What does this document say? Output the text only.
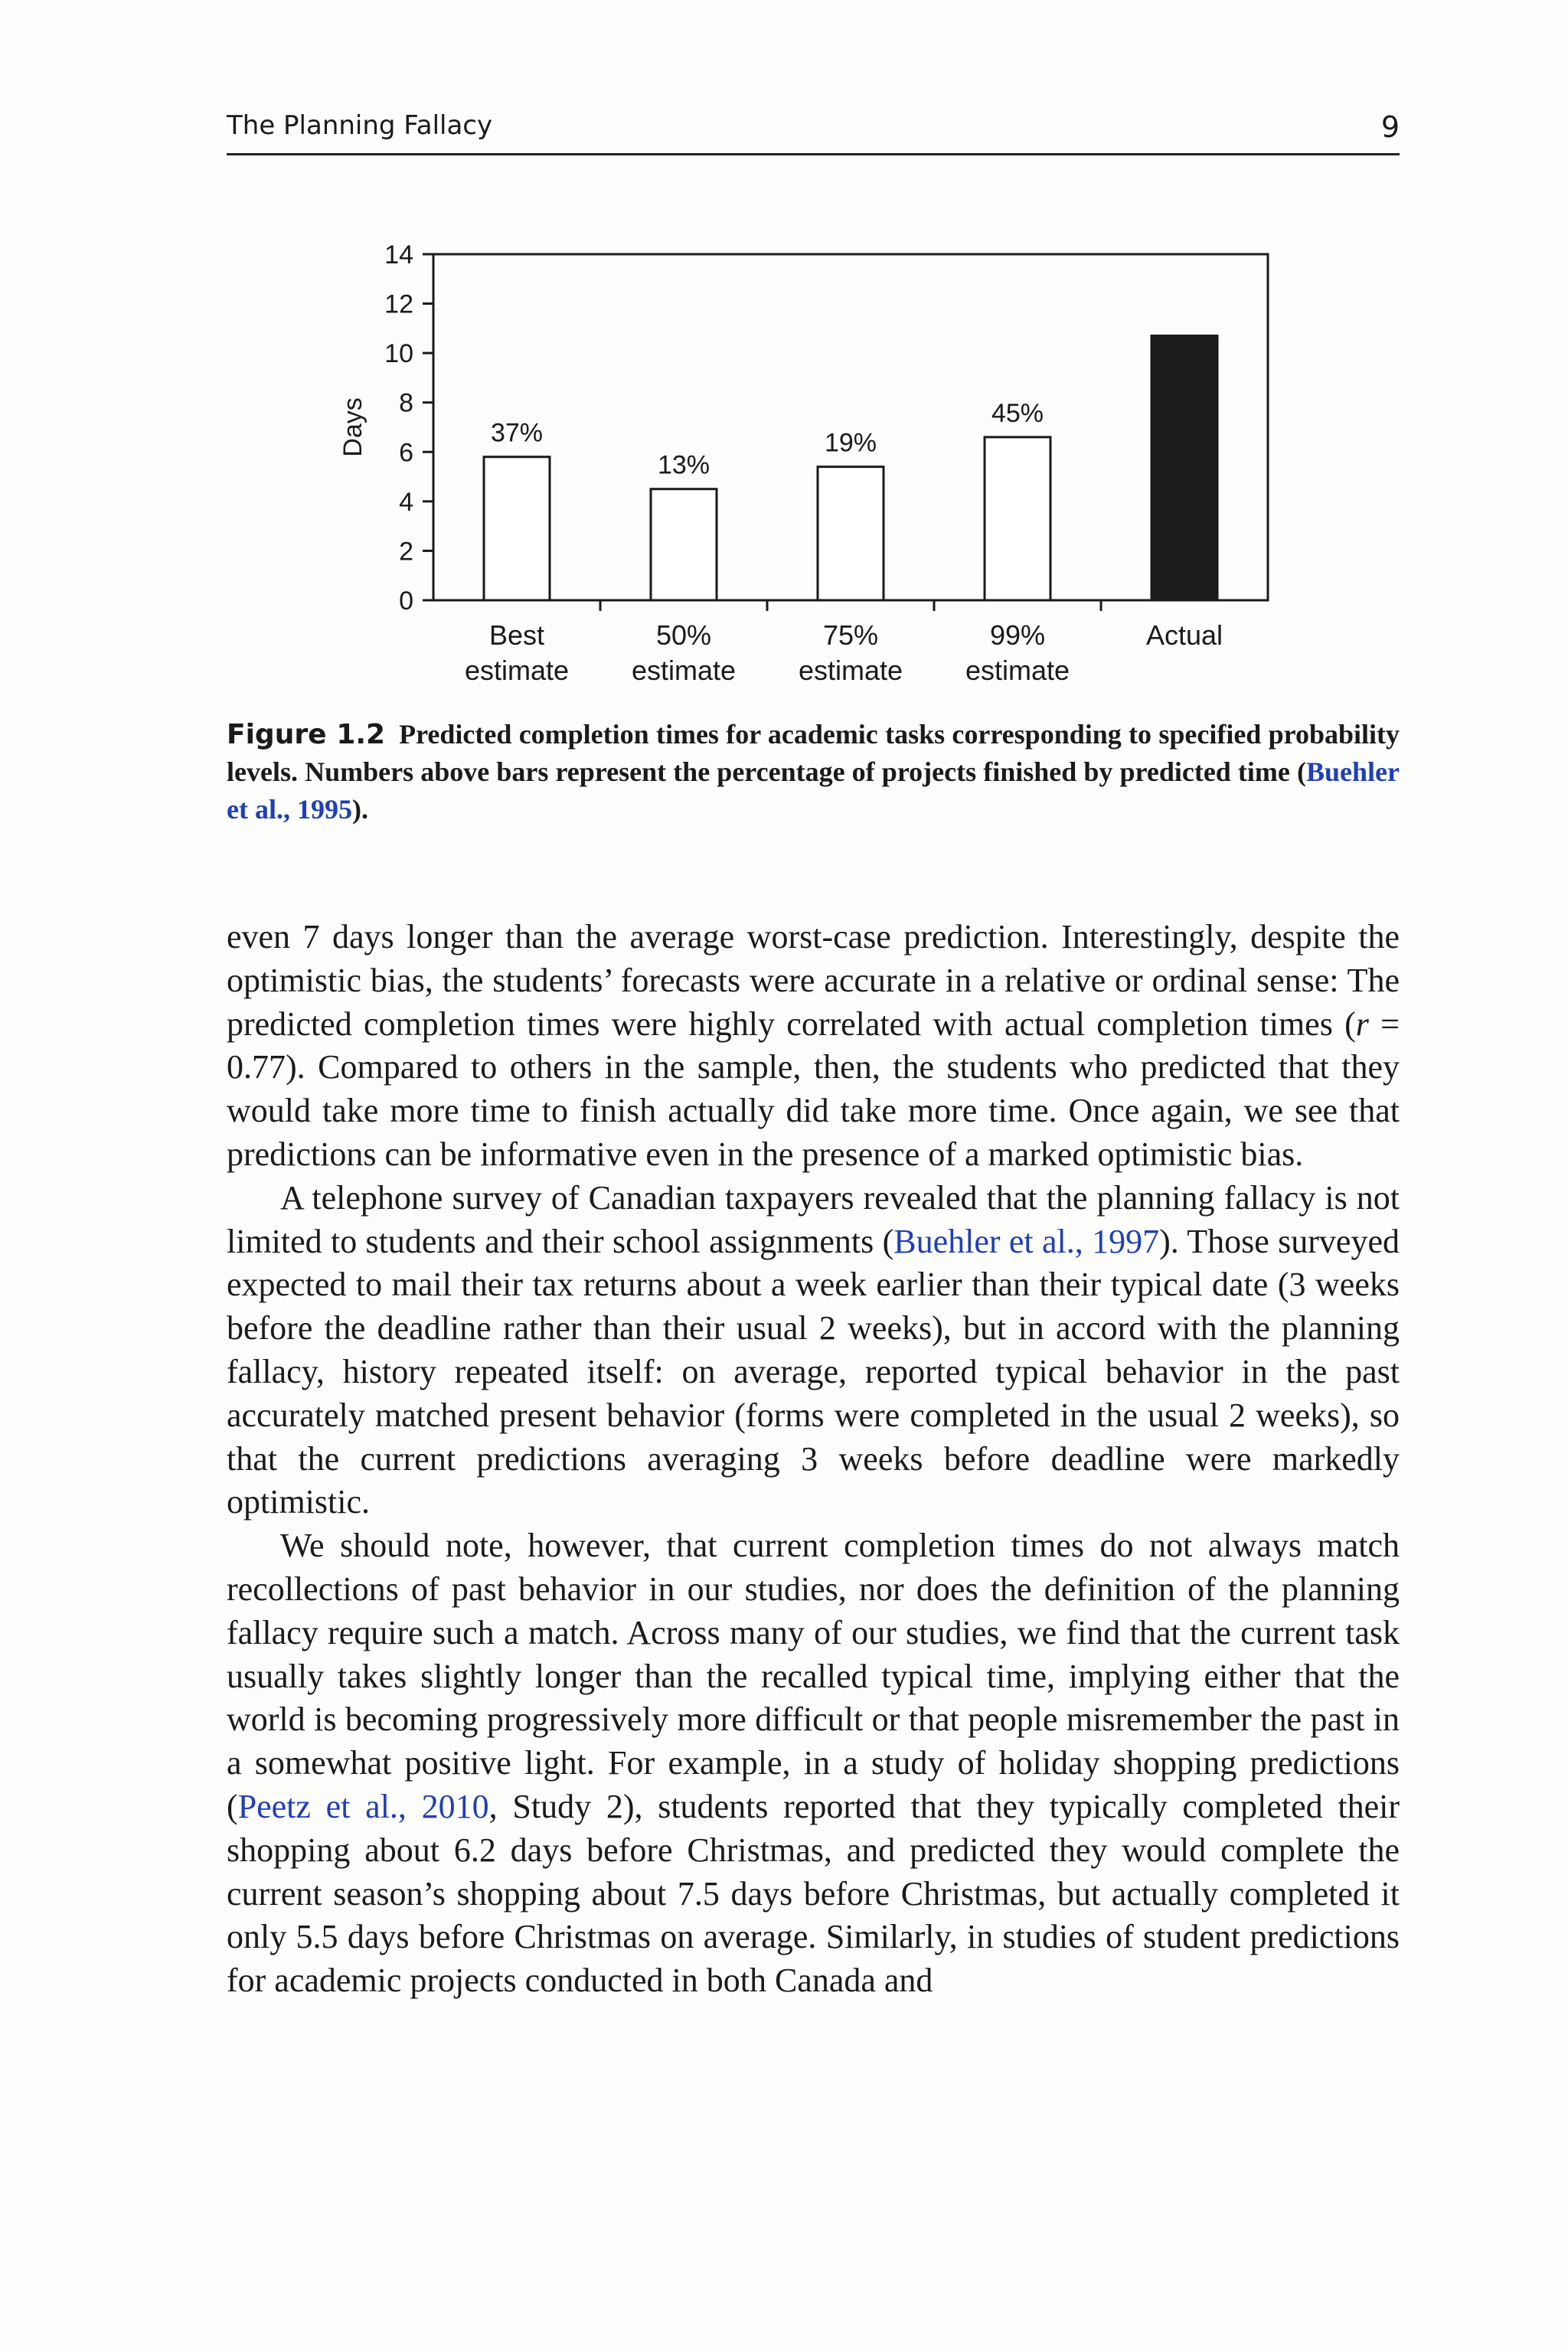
The Planning Fallacy	9
Days
0
2
4
6
8
10
12
14
Best
estimate
50%
estimate
75%
estimate
99%
estimate
Actual
37%
13%
19%
45%
Figure 1.2 Predicted completion times for academic tasks corresponding to specified probability levels. Numbers above bars represent the percentage of projects finished by predicted time (Buehler et al., 1995).

even 7 days longer than the average worst-case prediction. Interestingly, despite the optimistic bias, the students’ forecasts were accurate in a relative or ordinal sense: The predicted completion times were highly correlated with actual completion times (r = 0.77). Compared to others in the sample, then, the students who predicted that they would take more time to finish actually did take more time. Once again, we see that predictions can be informative even in the presence of a marked optimistic bias.

A telephone survey of Canadian taxpayers revealed that the planning fallacy is not limited to students and their school assignments (Buehler et al., 1997). Those surveyed expected to mail their tax returns about a week earlier than their typical date (3 weeks before the deadline rather than their usual 2 weeks), but in accord with the planning fallacy, history repeated itself: on average, reported typical behavior in the past accurately matched present behavior (forms were completed in the usual 2 weeks), so that the current predictions averaging 3 weeks before deadline were markedly optimistic.

We should note, however, that current completion times do not always match recollections of past behavior in our studies, nor does the definition of the planning fallacy require such a match. Across many of our studies, we find that the current task usually takes slightly longer than the recalled typical time, implying either that the world is becoming progressively more difficult or that people misremember the past in a somewhat positive light. For example, in a study of holiday shopping predictions (Peetz et al., 2010, Study 2), students reported that they typically completed their shopping about 6.2 days before Christmas, and predicted they would complete the current season’s shopping about 7.5 days before Christmas, but actually completed it only 5.5 days before Christmas on average. Similarly, in studies of student predictions for academic projects conducted in both Canada and
